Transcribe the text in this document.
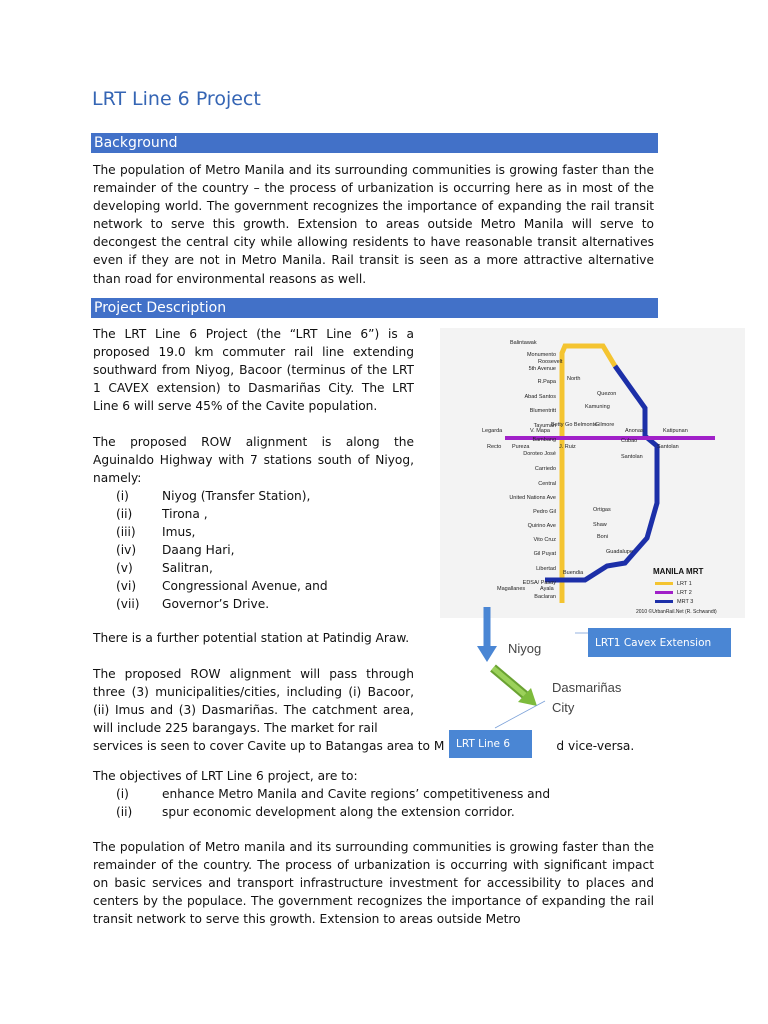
LRT Line 6 Project
Background

The population of Metro Manila and its surrounding communities is growing faster than the remainder of the country – the process of urbanization is occurring here as in most of the developing world. The government recognizes the importance of expanding the rail transit network to serve this growth. Extension to areas outside Metro Manila will serve to decongest the central city while allowing residents to have reasonable transit alternatives even if they are not in Metro Manila. Rail transit is seen as a more attractive alternative than road for environmental reasons as well.

Project Description

The LRT Line 6 Project (the “LRT Line 6”) is a proposed 19.0 km commuter rail line extending southward from Niyog, Bacoor (terminus of the LRT 1 CAVEX extension) to Dasmariñas City. The LRT Line 6 will serve 45% of the Cavite population.

The proposed ROW alignment is along the Aguinaldo Highway with 7 stations south of Niyog, namely:

(i)	Niyog (Transfer Station),
(ii)	Tirona ,
(iii)	Imus,
(iv)	Daang Hari,
(v)	Salitran,
(vi)	Congressional Avenue, and
(vii)	Governor’s Drive.

There is a further potential station at Patindig Araw.

The proposed ROW alignment will pass through three (3) municipalities/cities, including (i) Bacoor, (ii) Imus and (3) Dasmariñas. The catchment area, will include 225 barangays. The market for rail

services is seen to cover Cavite up to Batangas area to M	d vice-versa.

The objectives of LRT Line 6 project, are to:

(i)	enhance Metro Manila and Cavite regions’ competitiveness and
(ii)	spur economic development along the extension corridor.

The population of Metro manila and its surrounding communities is growing faster than the remainder of the country. The process of urbanization is occurring with significant impact on basic services and transport infrastructure investment for accessibility to places and centers by the populace. The government recognizes the importance of expanding the rail transit network to serve this growth. Extension to areas outside Metro

Monumento
5th Avenue
R.Papa
Abad Santos
Blumentritt
Tayuman
Bambang
Doroteo José
Carriedo
Central
United Nations Ave
Pedro Gil
Quirino Ave
Vito Cruz
Gil Puyat
Libertad
EDSA/ Pasay
Baclaran
North
Quezon
Kamuning
Cubao
Santolan
Ortigas
Shaw
Boni
Guadalupe
Buendia
Ayala
Magallanes
Legarda	V. Mapa
Recto Pureza	J. Ruiz
Gilmore
Betty Go Belmonte
Anonas	Katipunan
Santolan
Balintawak
Roosevelt
MANILA MRT
LRT 1
LRT 2
MRT 3
2010 ©UrbanRail.Net (R. Schwandt)
Niyog
Dasmariñas
City
LRT1 Cavex Extension
LRT Line 6
